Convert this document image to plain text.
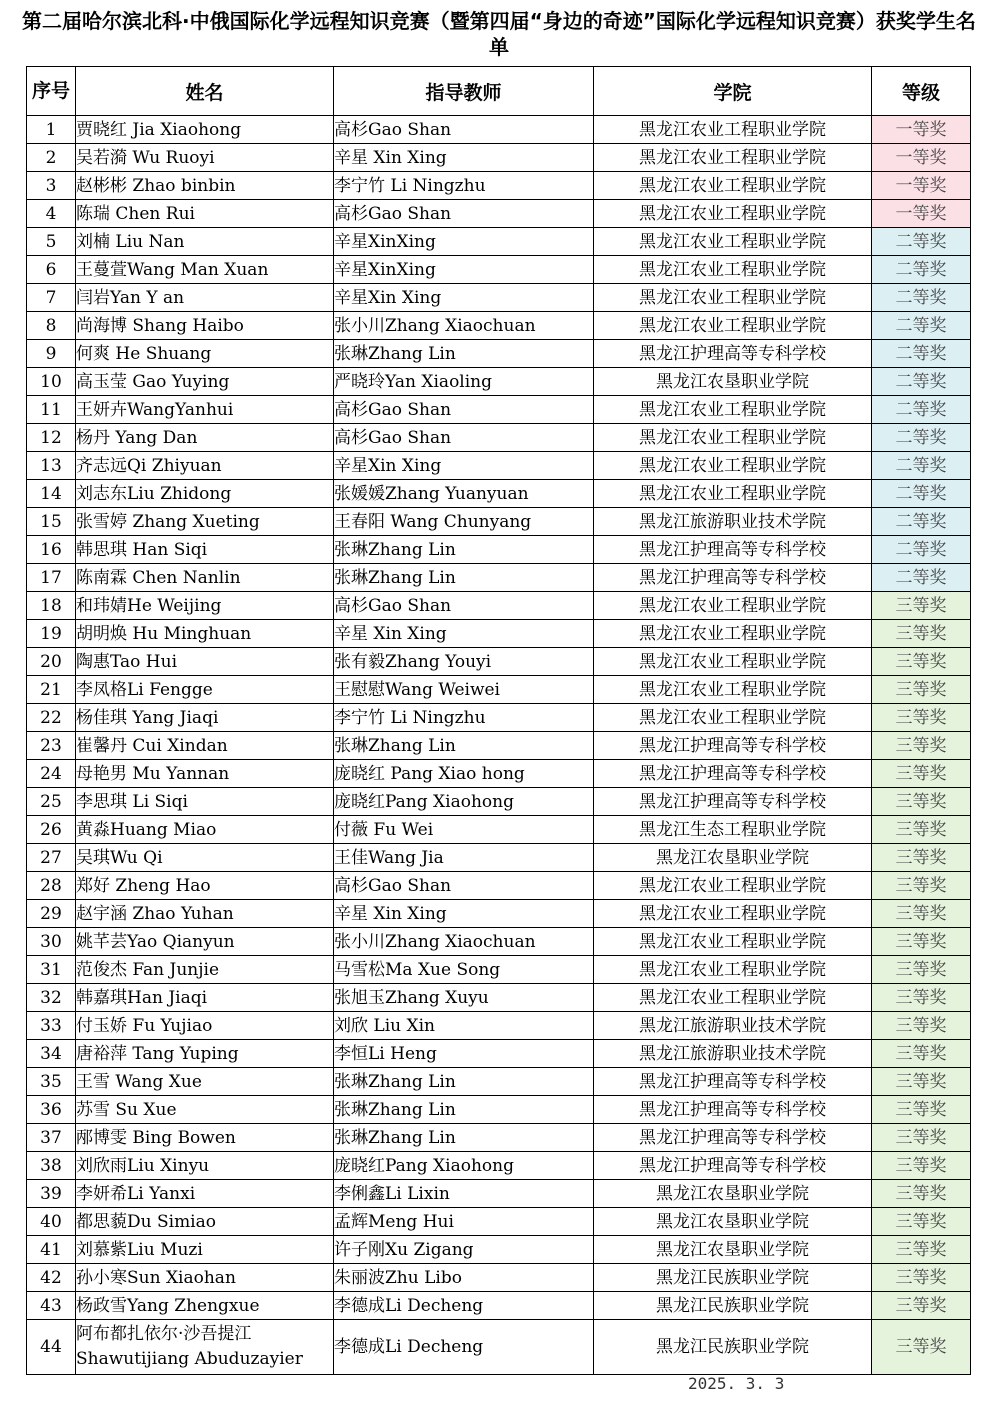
第二届哈尔滨北科·中俄国际化学远程知识竞赛（暨第四届“身边的奇迹”国际化学远程知识竞赛）获奖学生名单
序号	姓名	指导教师	学院	等级
1	贾晓红 Jia Xiaohong	高杉Gao Shan	黑龙江农业工程职业学院	一等奖
2	吴若漪 Wu Ruoyi	辛星 Xin Xing	黑龙江农业工程职业学院	一等奖
3	赵彬彬 Zhao binbin	李宁竹 Li Ningzhu	黑龙江农业工程职业学院	一等奖
4	陈瑞 Chen Rui	高杉Gao Shan	黑龙江农业工程职业学院	一等奖
5	刘楠 Liu Nan	辛星XinXing	黑龙江农业工程职业学院	二等奖
6	王蔓萱Wang Man Xuan	辛星XinXing	黑龙江农业工程职业学院	二等奖
7	闫岩Yan Y an	辛星Xin Xing	黑龙江农业工程职业学院	二等奖
8	尚海博 Shang Haibo	张小川Zhang Xiaochuan	黑龙江农业工程职业学院	二等奖
9	何爽 He Shuang	张琳Zhang Lin	黑龙江护理高等专科学校	二等奖
10	高玉莹 Gao Yuying	严晓玲Yan Xiaoling	黑龙江农垦职业学院	二等奖
11	王妍卉WangYanhui	高杉Gao Shan	黑龙江农业工程职业学院	二等奖
12	杨丹 Yang Dan	高杉Gao Shan	黑龙江农业工程职业学院	二等奖
13	齐志远Qi Zhiyuan	辛星Xin Xing	黑龙江农业工程职业学院	二等奖
14	刘志东Liu Zhidong	张媛媛Zhang Yuanyuan	黑龙江农业工程职业学院	二等奖
15	张雪婷 Zhang Xueting	王春阳 Wang Chunyang	黑龙江旅游职业技术学院	二等奖
16	韩思琪 Han Siqi	张琳Zhang Lin	黑龙江护理高等专科学校	二等奖
17	陈南霖 Chen Nanlin	张琳Zhang Lin	黑龙江护理高等专科学校	二等奖
18	和玮婧He Weijing	高杉Gao Shan	黑龙江农业工程职业学院	三等奖
19	胡明焕 Hu Minghuan	辛星 Xin Xing	黑龙江农业工程职业学院	三等奖
20	陶惠Tao Hui	张有毅Zhang Youyi	黑龙江农业工程职业学院	三等奖
21	李凤格Li Fengge	王慰慰Wang Weiwei	黑龙江农业工程职业学院	三等奖
22	杨佳琪 Yang Jiaqi	李宁竹 Li Ningzhu	黑龙江农业工程职业学院	三等奖
23	崔馨丹 Cui Xindan	张琳Zhang Lin	黑龙江护理高等专科学校	三等奖
24	母艳男 Mu Yannan	庞晓红 Pang Xiao hong	黑龙江护理高等专科学校	三等奖
25	李思琪 Li Siqi	庞晓红Pang Xiaohong	黑龙江护理高等专科学校	三等奖
26	黄淼Huang Miao	付薇 Fu Wei	黑龙江生态工程职业学院	三等奖
27	吴琪Wu Qi	王佳Wang Jia	黑龙江农垦职业学院	三等奖
28	郑好 Zheng Hao	高杉Gao Shan	黑龙江农业工程职业学院	三等奖
29	赵宇涵 Zhao Yuhan	辛星 Xin Xing	黑龙江农业工程职业学院	三等奖
30	姚芊芸Yao Qianyun	张小川Zhang Xiaochuan	黑龙江农业工程职业学院	三等奖
31	范俊杰 Fan Junjie	马雪松Ma Xue Song	黑龙江农业工程职业学院	三等奖
32	韩嘉琪Han Jiaqi	张旭玉Zhang Xuyu	黑龙江农业工程职业学院	三等奖
33	付玉娇 Fu Yujiao	刘欣 Liu Xin	黑龙江旅游职业技术学院	三等奖
34	唐裕萍 Tang Yuping	李恒Li Heng	黑龙江旅游职业技术学院	三等奖
35	王雪 Wang Xue	张琳Zhang Lin	黑龙江护理高等专科学校	三等奖
36	苏雪 Su Xue	张琳Zhang Lin	黑龙江护理高等专科学校	三等奖
37	邴博雯 Bing Bowen	张琳Zhang Lin	黑龙江护理高等专科学校	三等奖
38	刘欣雨Liu Xinyu	庞晓红Pang Xiaohong	黑龙江护理高等专科学校	三等奖
39	李妍希Li Yanxi	李俐鑫Li Lixin	黑龙江农垦职业学院	三等奖
40	都思藐Du Simiao	孟辉Meng Hui	黑龙江农垦职业学院	三等奖
41	刘慕紫Liu Muzi	许子刚Xu Zigang	黑龙江农垦职业学院	三等奖
42	孙小寒Sun Xiaohan	朱丽波Zhu Libo	黑龙江民族职业学院	三等奖
43	杨政雪Yang Zhengxue	李德成Li Decheng	黑龙江民族职业学院	三等奖
44	阿布都扎依尔·沙吾提江 Shawutijiang Abuduzayier	李德成Li Decheng	黑龙江民族职业学院	三等奖
2025. 3. 3
